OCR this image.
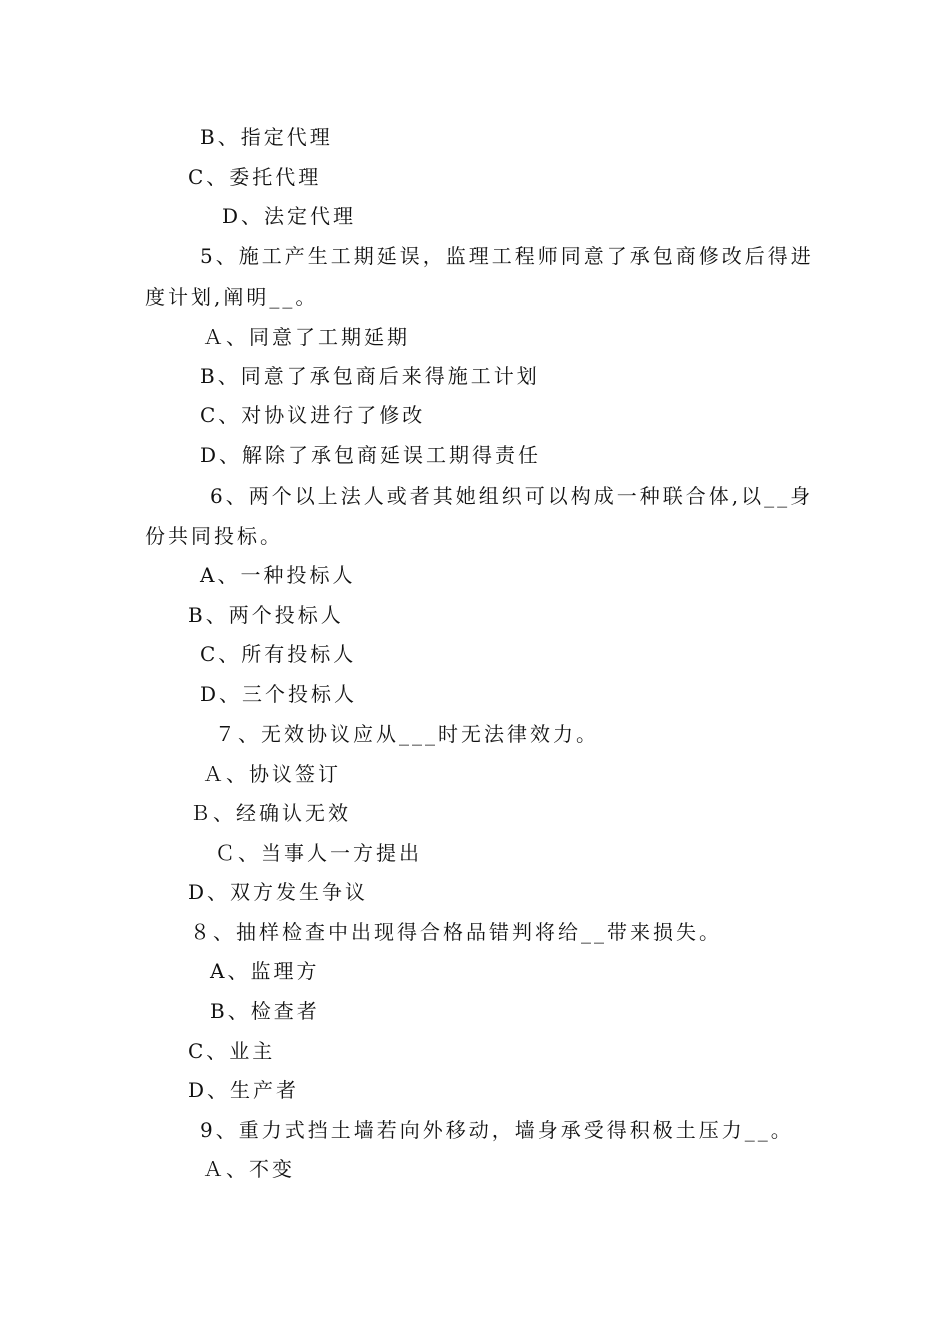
B、指定代理
C、委托代理
D、法定代理
5、施工产生工期延误，监理工程师同意了承包商修改后得进
度计划,阐明__。
Ａ、同意了工期延期
B、同意了承包商后来得施工计划
C、对协议进行了修改
D、解除了承包商延误工期得责任
6、两个以上法人或者其她组织可以构成一种联合体,以__身
份共同投标。
A、一种投标人
B、两个投标人
C、所有投标人
D、三个投标人
７、无效协议应从___时无法律效力。
Ａ、协议签订
Ｂ、经确认无效
Ｃ、当事人一方提出
D、双方发生争议
８、抽样检查中出现得合格品错判将给__带来损失。
A、监理方
B、检查者
C、业主
D、生产者
9、重力式挡土墙若向外移动，墙身承受得积极土压力__。
Ａ、不变
